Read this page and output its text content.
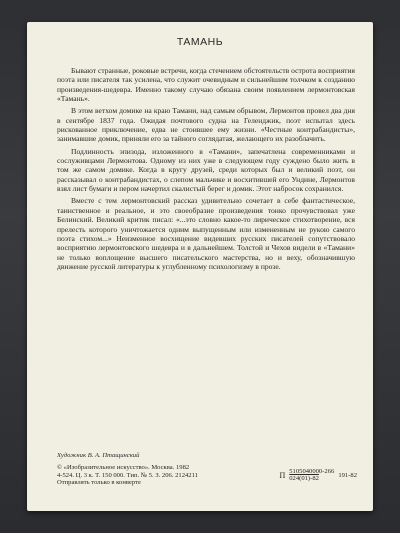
ТАМАНЬ

Бывают странные, роковые встречи, когда стечением обстоятельств острота восприятия поэта или писателя так усилена, что служит очевидным и сильнейшим толчком к созданию произведения-шедевра. Именно такому случаю обязана своим появлением лермонтовская «Тамань».

В этом ветхом домике на краю Тамани, над самым обрывом, Лермонтов провел два дня в сентябре 1837 года. Ожидая почтового судна на Геленджик, поэт испытал здесь рискованное приключение, едва не стоившее ему жизни. «Честные контрабандисты», занимавшие домик, приняли его за тайного соглядатая, желающего их разоблачить.

Подлинность эпизода, изложенного в «Тамани», запечатлена современниками и сослуживцами Лермонтова. Одному из них уже в следующем году суждено было жить в том же самом домике. Когда в кругу друзей, среди которых был и великий поэт, он рассказывал о контрабандистах, о слепом мальчике и восхитившей его Ундине, Лермонтов взял лист бумаги и пером начертил скалистый берег и домик. Этот набросок сохранился.

Вместе с тем лермонтовский рассказ удивительно сочетает в себе фантастическое, таинственное и реальное, и это своеобразие произведения тонко прочувствовал уже Белинский. Великий критик писал: «...это словно какое-то лирическое стихотворение, вся прелесть которого уничтожается одним выпущенным или измененным не рукою самого поэта стихом...» Неизменное восхищение видевших русских писателей сопутствовало восприятию лермонтовского шедевра и в дальнейшем. Толстой и Чехов видели в «Тамани» не только воплощение высшего писательского мастерства, но и веху, обозначившую движение русской литературы к углубленному психологизму в прозе.

Художник В. А. Птащинский
© «Изобразительное искусство». Москва. 1982
4-524. Ц. 3 к. Т. 150 000. Тип. № 5. З. 206. 2124211
Отправлять только в конверте
П 5105040000-266
024(01)-82
191-82
